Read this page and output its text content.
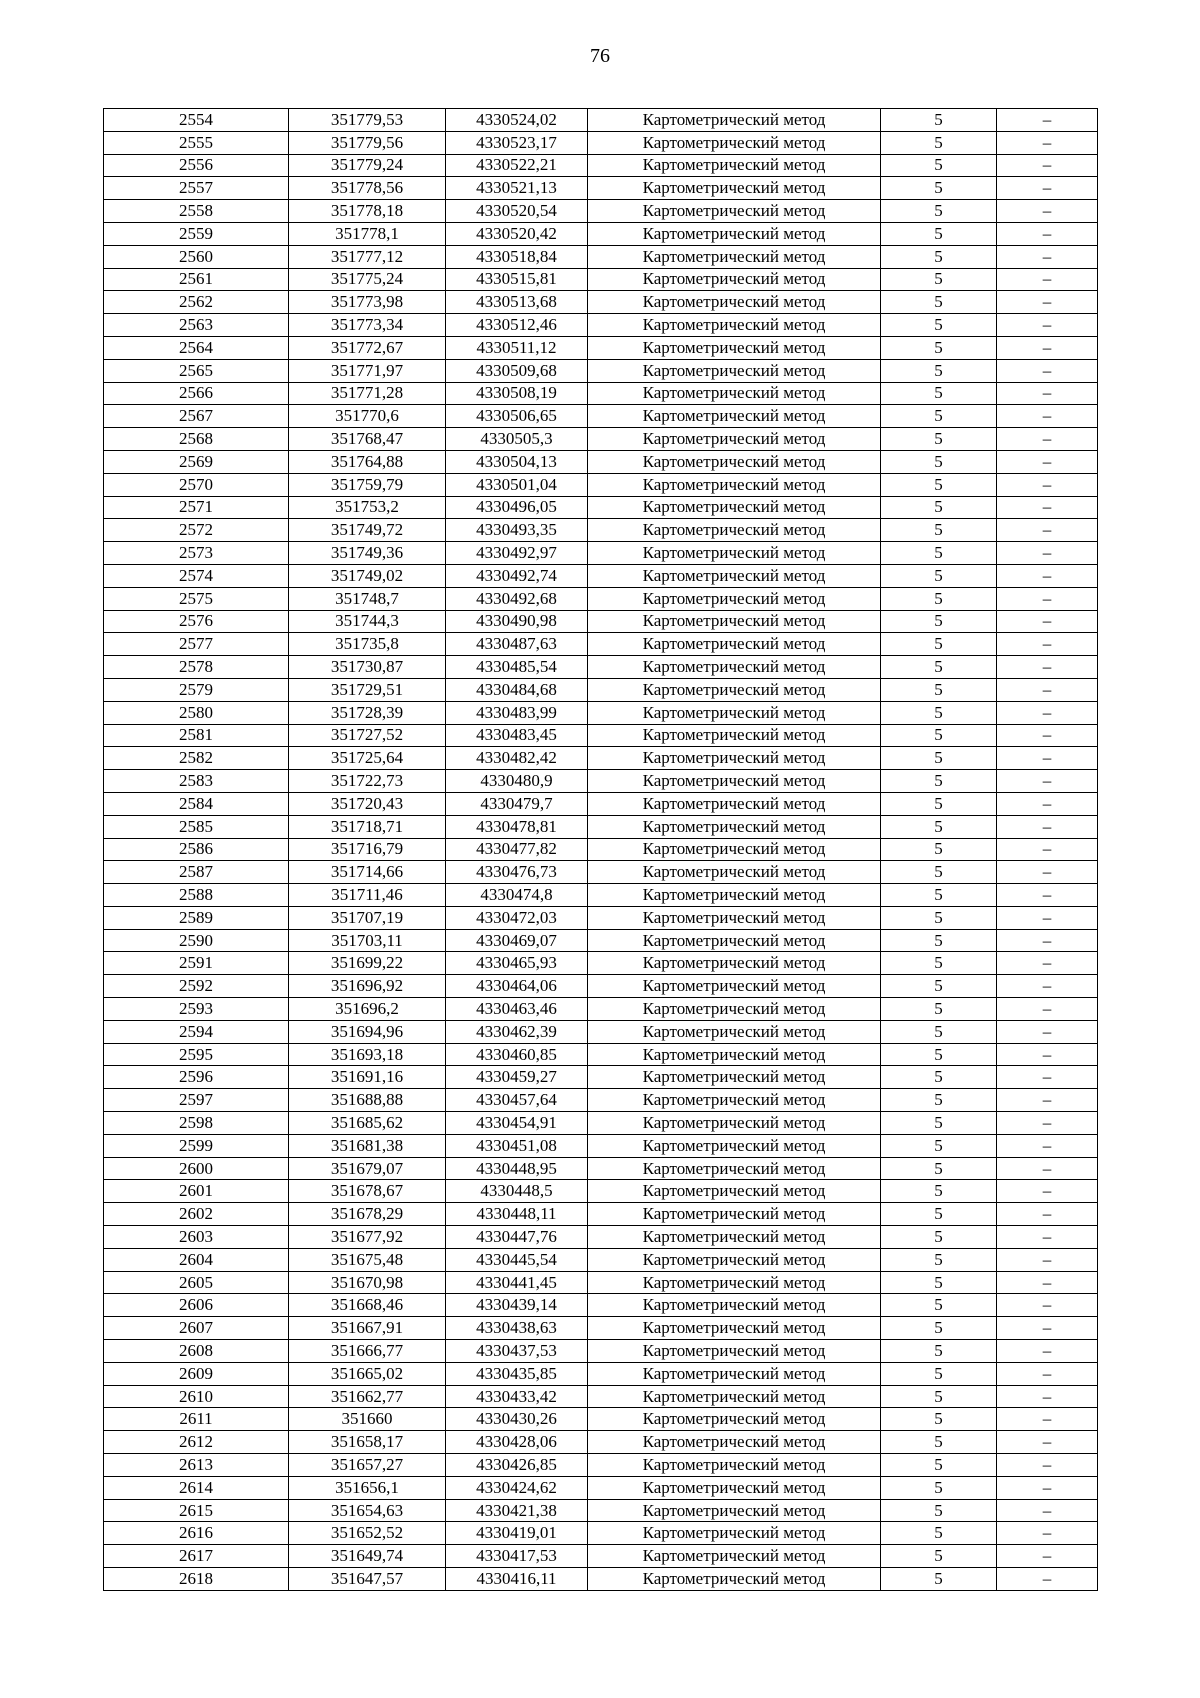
76
2554	351779,53	4330524,02	Картометрический метод	5	–
2555	351779,56	4330523,17	Картометрический метод	5	–
2556	351779,24	4330522,21	Картометрический метод	5	–
2557	351778,56	4330521,13	Картометрический метод	5	–
2558	351778,18	4330520,54	Картометрический метод	5	–
2559	351778,1	4330520,42	Картометрический метод	5	–
2560	351777,12	4330518,84	Картометрический метод	5	–
2561	351775,24	4330515,81	Картометрический метод	5	–
2562	351773,98	4330513,68	Картометрический метод	5	–
2563	351773,34	4330512,46	Картометрический метод	5	–
2564	351772,67	4330511,12	Картометрический метод	5	–
2565	351771,97	4330509,68	Картометрический метод	5	–
2566	351771,28	4330508,19	Картометрический метод	5	–
2567	351770,6	4330506,65	Картометрический метод	5	–
2568	351768,47	4330505,3	Картометрический метод	5	–
2569	351764,88	4330504,13	Картометрический метод	5	–
2570	351759,79	4330501,04	Картометрический метод	5	–
2571	351753,2	4330496,05	Картометрический метод	5	–
2572	351749,72	4330493,35	Картометрический метод	5	–
2573	351749,36	4330492,97	Картометрический метод	5	–
2574	351749,02	4330492,74	Картометрический метод	5	–
2575	351748,7	4330492,68	Картометрический метод	5	–
2576	351744,3	4330490,98	Картометрический метод	5	–
2577	351735,8	4330487,63	Картометрический метод	5	–
2578	351730,87	4330485,54	Картометрический метод	5	–
2579	351729,51	4330484,68	Картометрический метод	5	–
2580	351728,39	4330483,99	Картометрический метод	5	–
2581	351727,52	4330483,45	Картометрический метод	5	–
2582	351725,64	4330482,42	Картометрический метод	5	–
2583	351722,73	4330480,9	Картометрический метод	5	–
2584	351720,43	4330479,7	Картометрический метод	5	–
2585	351718,71	4330478,81	Картометрический метод	5	–
2586	351716,79	4330477,82	Картометрический метод	5	–
2587	351714,66	4330476,73	Картометрический метод	5	–
2588	351711,46	4330474,8	Картометрический метод	5	–
2589	351707,19	4330472,03	Картометрический метод	5	–
2590	351703,11	4330469,07	Картометрический метод	5	–
2591	351699,22	4330465,93	Картометрический метод	5	–
2592	351696,92	4330464,06	Картометрический метод	5	–
2593	351696,2	4330463,46	Картометрический метод	5	–
2594	351694,96	4330462,39	Картометрический метод	5	–
2595	351693,18	4330460,85	Картометрический метод	5	–
2596	351691,16	4330459,27	Картометрический метод	5	–
2597	351688,88	4330457,64	Картометрический метод	5	–
2598	351685,62	4330454,91	Картометрический метод	5	–
2599	351681,38	4330451,08	Картометрический метод	5	–
2600	351679,07	4330448,95	Картометрический метод	5	–
2601	351678,67	4330448,5	Картометрический метод	5	–
2602	351678,29	4330448,11	Картометрический метод	5	–
2603	351677,92	4330447,76	Картометрический метод	5	–
2604	351675,48	4330445,54	Картометрический метод	5	–
2605	351670,98	4330441,45	Картометрический метод	5	–
2606	351668,46	4330439,14	Картометрический метод	5	–
2607	351667,91	4330438,63	Картометрический метод	5	–
2608	351666,77	4330437,53	Картометрический метод	5	–
2609	351665,02	4330435,85	Картометрический метод	5	–
2610	351662,77	4330433,42	Картометрический метод	5	–
2611	351660	4330430,26	Картометрический метод	5	–
2612	351658,17	4330428,06	Картометрический метод	5	–
2613	351657,27	4330426,85	Картометрический метод	5	–
2614	351656,1	4330424,62	Картометрический метод	5	–
2615	351654,63	4330421,38	Картометрический метод	5	–
2616	351652,52	4330419,01	Картометрический метод	5	–
2617	351649,74	4330417,53	Картометрический метод	5	–
2618	351647,57	4330416,11	Картометрический метод	5	–
